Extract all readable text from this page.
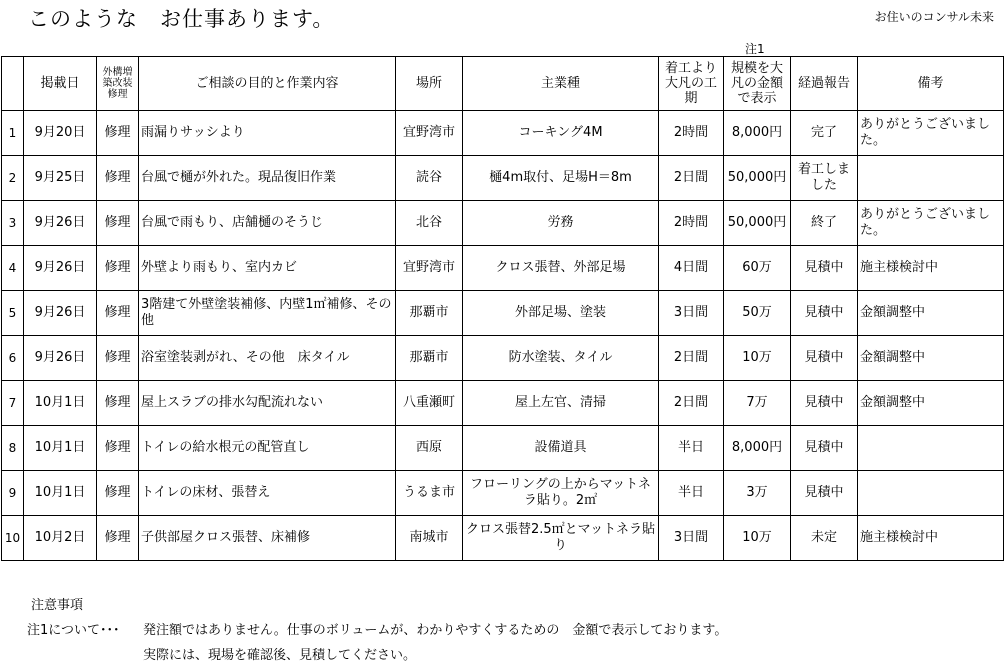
このような　お仕事あります。	お住いのコンサル未来
注1
	掲載日	外構増築改装修理	ご相談の目的と作業内容	場所	主業種	着工より大凡の工期	規模を大凡の金額で表示	経過報告	備考
1	9月20日	修理	雨漏りサッシより	宜野湾市	コーキング4M	2時間	8,000円	完了	ありがとうございました。
2	9月25日	修理	台風で樋が外れた。現品復旧作業	読谷	樋4m取付、足場H＝8m	2日間	50,000円	着工しました	
3	9月26日	修理	台風で雨もり、店舗樋のそうじ	北谷	労務	2時間	50,000円	終了	ありがとうございました。
4	9月26日	修理	外壁より雨もり、室内カビ	宜野湾市	クロス張替、外部足場	4日間	60万	見積中	施主様検討中
5	9月26日	修理	3階建て外壁塗装補修、内壁1㎡補修、その他	那覇市	外部足場、塗装	3日間	50万	見積中	金額調整中
6	9月26日	修理	浴室塗装剥がれ、その他　床タイル	那覇市	防水塗装、タイル	2日間	10万	見積中	金額調整中
7	10月1日	修理	屋上スラブの排水勾配流れない	八重瀬町	屋上左官、清掃	2日間	7万	見積中	金額調整中
8	10月1日	修理	トイレの給水根元の配管直し	西原	設備道具	半日	8,000円	見積中	
9	10月1日	修理	トイレの床材、張替え	うるま市	フローリングの上からマットネラ貼り。2㎡	半日	3万	見積中	
10	10月2日	修理	子供部屋クロス張替、床補修	南城市	クロス張替2.5㎡とマットネラ貼り	3日間	10万	未定	施主様検討中
注意事項
注1について･･･ 発注額ではありません。仕事のボリュームが、わかりやすくするための　金額で表示しております。
実際には、現場を確認後、見積してください。
